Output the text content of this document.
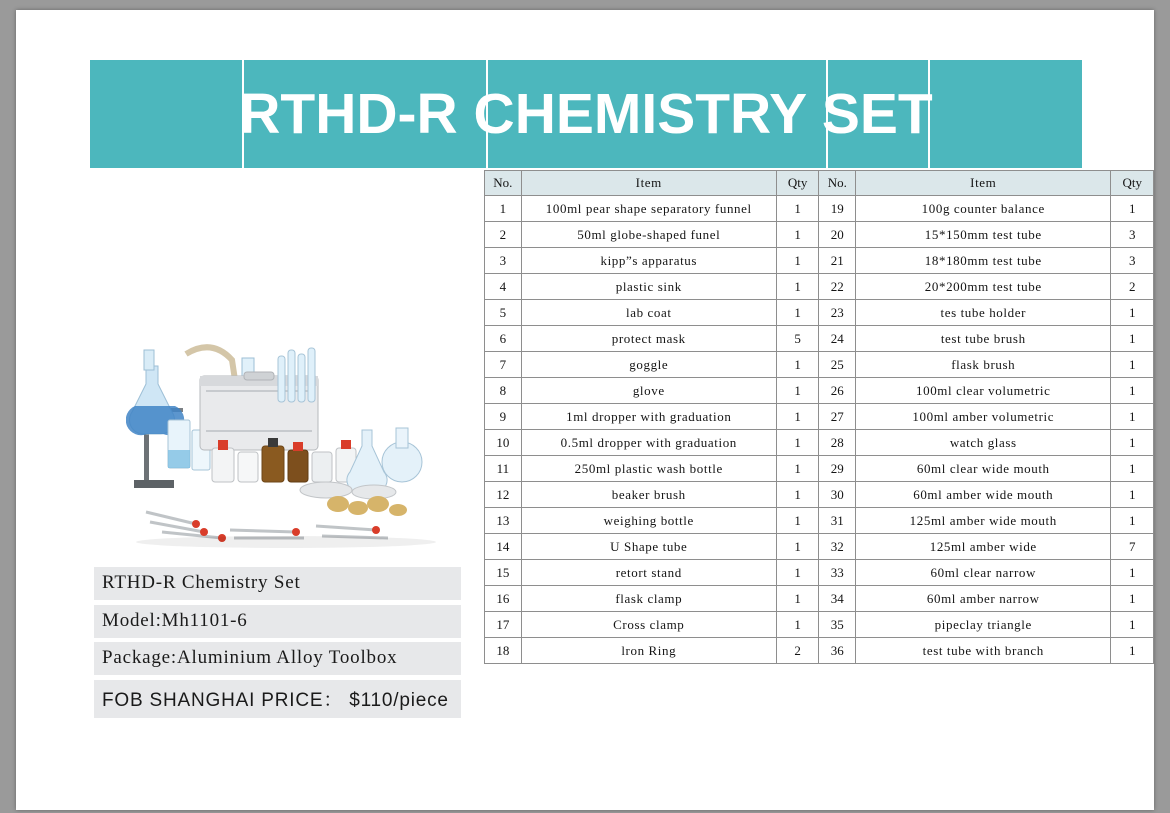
RTHD-R CHEMISTRY SET
RTHD-R Chemistry Set
Model:Mh1101-6
Package:Aluminium Alloy Toolbox
FOB SHANGHAI PRICE： $110/piece
No.	Item	Qty	No.	Item	Qty
1	100ml pear shape separatory funnel	1	19	100g counter balance	1
2	50ml globe-shaped funel	1	20	15*150mm test tube	3
3	kipp”s apparatus	1	21	18*180mm test tube	3
4	plastic sink	1	22	20*200mm test tube	2
5	lab coat	1	23	tes tube holder	1
6	protect mask	5	24	test tube brush	1
7	goggle	1	25	flask brush	1
8	glove	1	26	100ml clear volumetric	1
9	1ml dropper with graduation	1	27	100ml amber volumetric	1
10	0.5ml dropper with graduation	1	28	watch glass	1
11	250ml plastic wash bottle	1	29	60ml clear wide mouth	1
12	beaker brush	1	30	60ml amber wide mouth	1
13	weighing bottle	1	31	125ml amber wide mouth	1
14	U Shape tube	1	32	125ml amber wide	7
15	retort stand	1	33	60ml clear narrow	1
16	flask clamp	1	34	60ml amber narrow	1
17	Cross clamp	1	35	pipeclay triangle	1
18	lron Ring	2	36	test tube with branch	1
